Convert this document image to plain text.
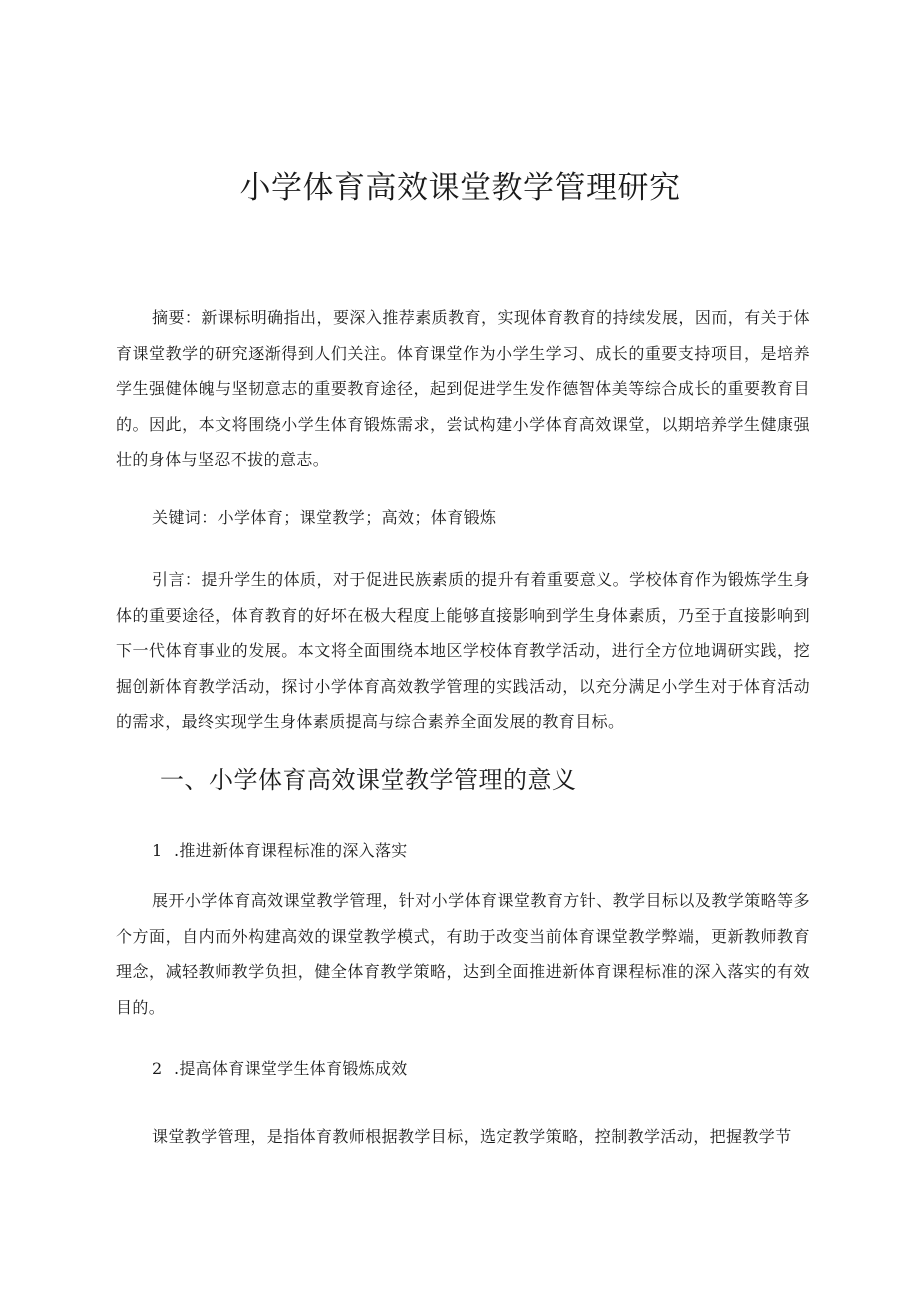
小学体育高效课堂教学管理研究

摘要：新课标明确指出，要深入推荐素质教育，实现体育教育的持续发展，因而，有关于体育课堂教学的研究逐渐得到人们关注。体育课堂作为小学生学习、成长的重要支持项目，是培养学生强健体魄与坚韧意志的重要教育途径，起到促进学生发作德智体美等综合成长的重要教育目的。因此，本文将围绕小学生体育锻炼需求，尝试构建小学体育高效课堂，以期培养学生健康强壮的身体与坚忍不拔的意志。

关键词：小学体育；课堂教学；高效；体育锻炼

引言：提升学生的体质，对于促进民族素质的提升有着重要意义。学校体育作为锻炼学生身体的重要途径，体育教育的好坏在极大程度上能够直接影响到学生身体素质，乃至于直接影响到下一代体育事业的发展。本文将全面围绕本地区学校体育教学活动，进行全方位地调研实践，挖掘创新体育教学活动，探讨小学体育高效教学管理的实践活动，以充分满足小学生对于体育活动的需求，最终实现学生身体素质提高与综合素养全面发展的教育目标。

一、小学体育高效课堂教学管理的意义
1 .推进新体育课程标准的深入落实

展开小学体育高效课堂教学管理，针对小学体育课堂教育方针、教学目标以及教学策略等多个方面，自内而外构建高效的课堂教学模式，有助于改变当前体育课堂教学弊端，更新教师教育理念，减轻教师教学负担，健全体育教学策略，达到全面推进新体育课程标准的深入落实的有效目的。

2 .提高体育课堂学生体育锻炼成效

课堂教学管理，是指体育教师根据教学目标，选定教学策略，控制教学活动，把握教学节
